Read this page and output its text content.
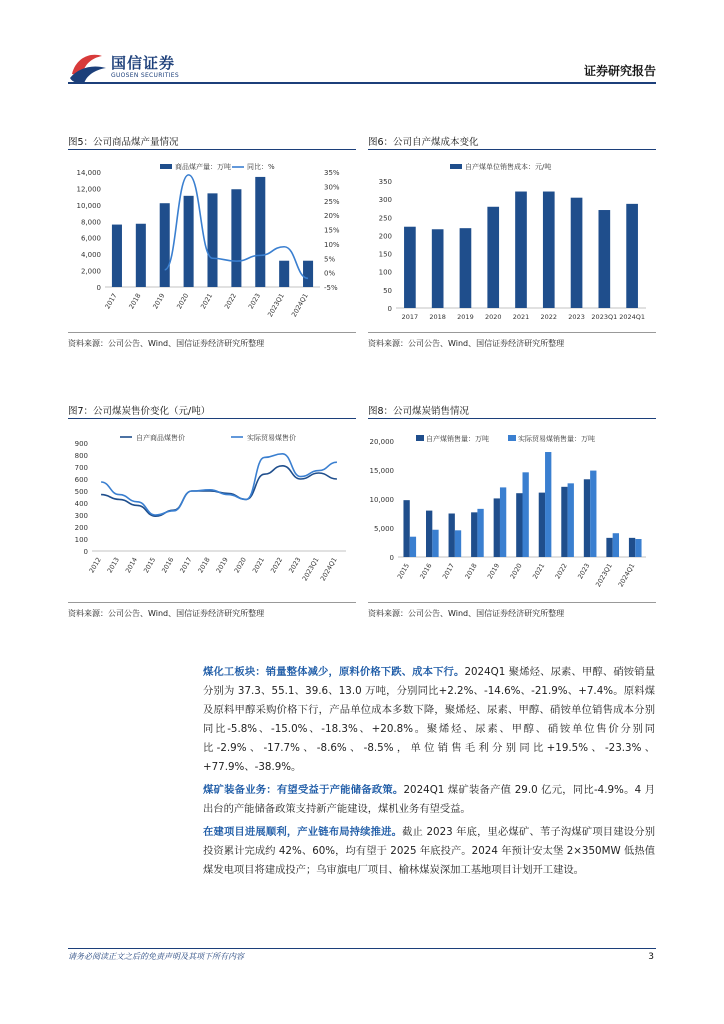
国信证券
GUOSEN SECURITIES	证券研究报告
图5：公司商品煤产量情况
0
2,000
4,000
6,000
8,000
10,000
12,000
14,000
-5%
0%
5%
10%
15%
20%
25%
30%
35%
2017 2018 2019 2020 2021 2022 2023 2023Q1 2024Q1
商品煤产量：万吨 同比：%
资料来源：公司公告、Wind、国信证券经济研究所整理
图6：公司自产煤成本变化
0
50
100
150
200
250
300
350
2017 2018 2019 2020 2021 2022 2023 2023Q1 2024Q1
自产煤单位销售成本：元/吨
资料来源：公司公告、Wind、国信证券经济研究所整理
图7：公司煤炭售价变化（元/吨）
0
100
200
300
400
500
600
700
800
900
2012 2013 2014 2015 2016 2017 2018 2019 2020 2021 2022 2023
2023Q1
2024Q1
自产商品煤售价	实际贸易煤售价
资料来源：公司公告、Wind、国信证券经济研究所整理
图8：公司煤炭销售情况
0
5,000
10,000
15,000
20,000
2015 2016 2017 2018 2019 2020 2021 2022 2023 2023Q1 2024Q1
自产煤销售量：万吨	实际贸易煤销售量：万吨
资料来源：公司公告、Wind、国信证券经济研究所整理

煤化工板块：销量整体减少，原料价格下跌、成本下行。2024Q1 聚烯烃、尿素、甲醇、硝铵销量分别为 37.3、55.1、39.6、13.0 万吨，分别同比+2.2%、-14.6%、-21.9%、+7.4%。原料煤及原料甲醇采购价格下行，产品单位成本多数下降，聚烯烃、尿素、甲醇、硝铵单位销售成本分别同比-5.8%、-15.0%、-18.3%、+20.8%。聚烯烃、尿素、甲醇、硝铵单位售价分别同比-2.9%、-17.7%、-8.6%、-8.5%，单位销售毛利分别同比+19.5%、-23.3%、+77.9%、-38.9%。

煤矿装备业务：有望受益于产能储备政策。2024Q1 煤矿装备产值 29.0 亿元，同比-4.9%。4 月出台的产能储备政策支持新产能建设，煤机业务有望受益。

在建项目进展顺利，产业链布局持续推进。截止 2023 年底，里必煤矿、苇子沟煤矿项目建设分别投资累计完成约 42%、60%，均有望于 2025 年底投产。2024 年预计安太堡 2×350MW 低热值煤发电项目将建成投产；乌审旗电厂项目、榆林煤炭深加工基地项目计划开工建设。

请务必阅读正文之后的免责声明及其项下所有内容	3
